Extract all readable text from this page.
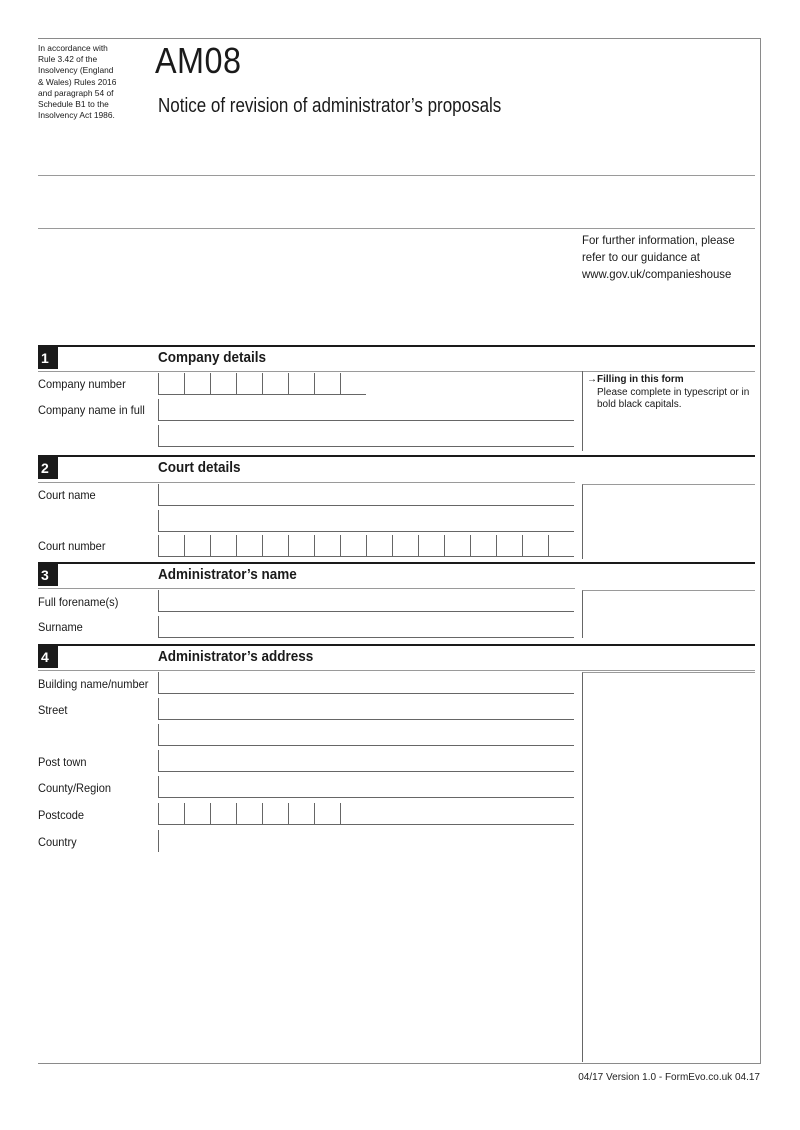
In accordance with
Rule 3.42 of the
Insolvency (England
& Wales) Rules 2016
and paragraph 54 of
Schedule B1 to the
Insolvency Act 1986.
AM08
Notice of revision of administrator’s proposals
For further information, please
refer to our guidance at
www.gov.uk/companieshouse
1	Company details
Company number
Company name in full
→Filling in this form
Please complete in typescript or in
bold black capitals.
2	Court details
Court name
Court number
3	Administrator’s name
Full forename(s)
Surname
4	Administrator’s address
Building name/number
Street
Post town
County/Region
Postcode
Country
04/17 Version 1.0 - FormEvo.co.uk 04.17
